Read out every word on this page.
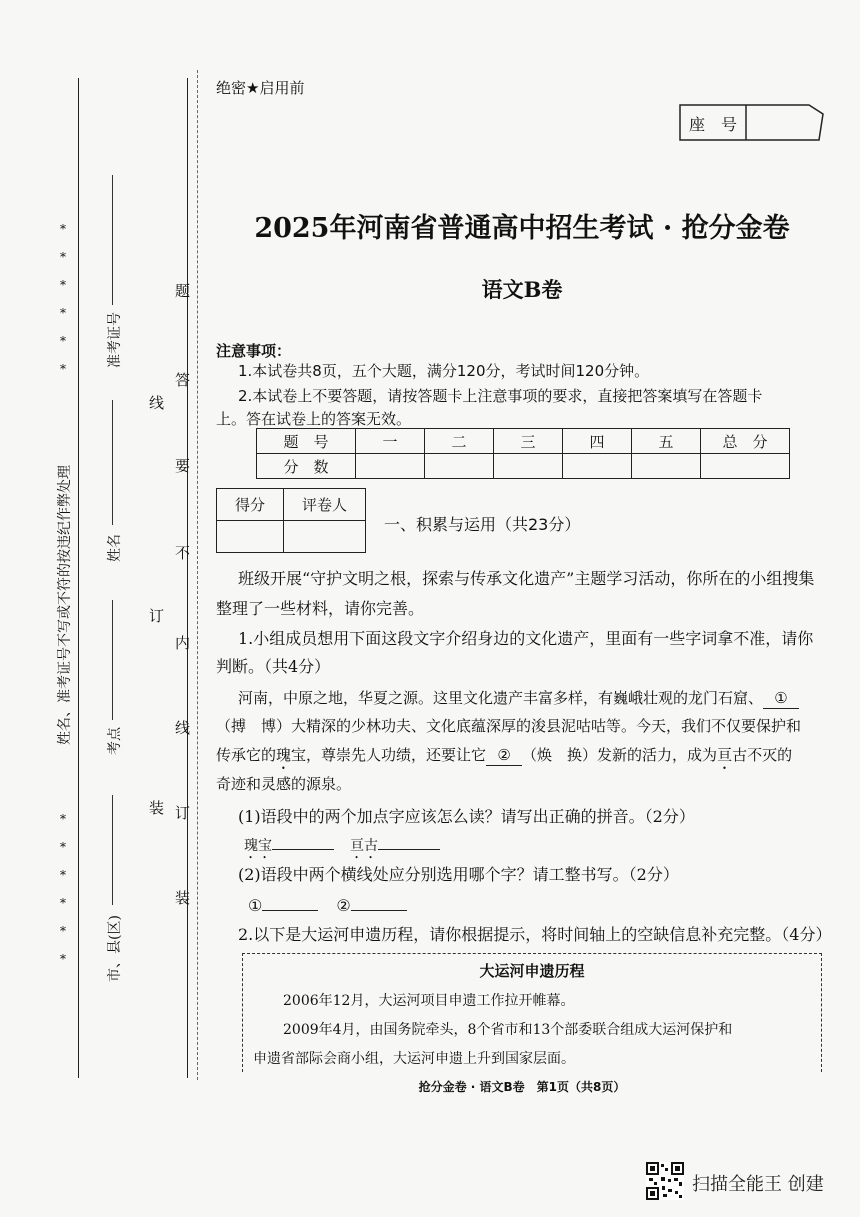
*
*
*
*
*
*
*
*
*
*
*
*
姓名、准考证号不写或不符的按违纪作弊处理
准考证号
姓名
考点
市、县(区)
线
订
装
题
答
要
不
内
线
订
装
绝密★启用前
座　号
2025年河南省普通高中招生考试 · 抢分金卷
语文B卷
注意事项：
1.本试卷共8页，五个大题，满分120分，考试时间120分钟。
2.本试卷上不要答题，请按答题卡上注意事项的要求，直接把答案填写在答题卡
上。答在试卷上的答案无效。
题　号	一	二	三	四	五	总　分
分　数						
得分	评卷人

一、积累与运用（共23分）
班级开展“守护文明之根，探索与传承文化遗产”主题学习活动，你所在的小组搜集
整理了一些材料，请你完善。
1.小组成员想用下面这段文字介绍身边的文化遗产，里面有一些字词拿不准，请你
判断。（共4分）
河南，中原之地，华夏之源。这里文化遗产丰富多样，有巍峨壮观的龙门石窟、 ①
（搏　博）大精深的少林功夫、文化底蕴深厚的浚县泥咕咕等。今天，我们不仅要保护和
传承它的瑰宝，尊崇先人功绩，还要让它 ② （焕　换）发新的活力，成为亘古不灭的
奇迹和灵感的源泉。
(1)语段中的两个加点字应该怎么读？请写出正确的拼音。（2分）
瑰宝	亘古
(2)语段中两个横线处应分别选用哪个字？请工整书写。（2分）
①	②
2.以下是大运河申遗历程，请你根据提示，将时间轴上的空缺信息补充完整。（4分）
大运河申遗历程
2006年12月，大运河项目申遗工作拉开帷幕。
2009年4月，由国务院牵头，8个省市和13个部委联合组成大运河保护和
申遗省部际会商小组，大运河申遗上升到国家层面。
抢分金卷 · 语文B卷　第1页（共8页）
扫描全能王 创建
